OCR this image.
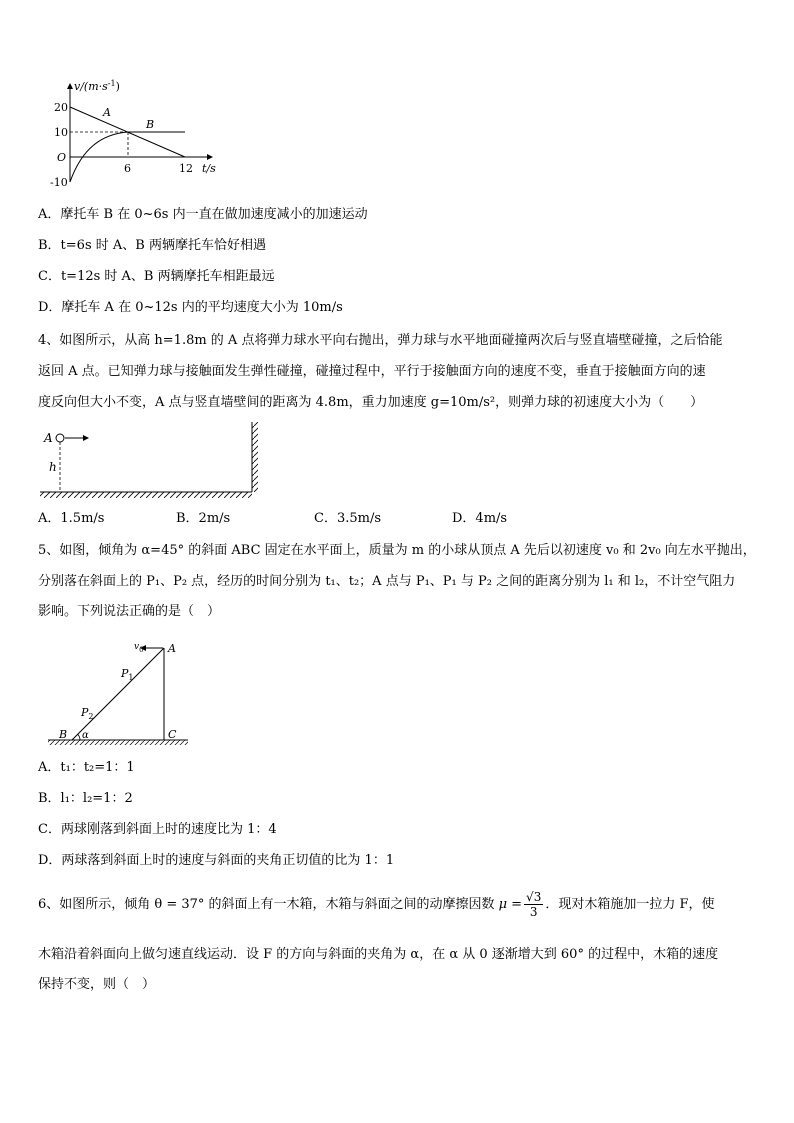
$v/(m\cdot s^{-1})$
20
10
O
-10
6	12 t/s
A
B
A．摩托车 B 在 0~6s 内一直在做加速度减小的加速运动
B．t=6s 时 A、B 两辆摩托车恰好相遇
C．t=12s 时 A、B 两辆摩托车相距最远
D．摩托车 A 在 0~12s 内的平均速度大小为 10m/s
4、如图所示，从高 h=1.8m 的 A 点将弹力球水平向右抛出，弹力球与水平地面碰撞两次后与竖直墙壁碰撞，之后恰能
返回 A 点。已知弹力球与接触面发生弹性碰撞，碰撞过程中，平行于接触面方向的速度不变，垂直于接触面方向的速
度反向但大小不变，A 点与竖直墙壁间的距离为 4.8m，重力加速度 g=10m/s²，则弹力球的初速度大小为（　　）
A
h
A．1.5m/s	B．2m/s	C．3.5m/s	D．4m/s
5、如图，倾角为 α=45° 的斜面 ABC 固定在水平面上，质量为 m 的小球从顶点 A 先后以初速度 v₀ 和 2v₀ 向左水平抛出，
分别落在斜面上的 P₁、P₂ 点，经历的时间分别为 t₁、t₂；A 点与 P₁、P₁ 与 P₂ 之间的距离分别为 l₁ 和 l₂，不计空气阻力
影响。下列说法正确的是（　）
$v_0$ A
$P_1$
$P_2$
B α	C
A．t₁：t₂=1：1
B．l₁：l₂=1：2
C．两球刚落到斜面上时的速度比为 1：4
D．两球落到斜面上时的速度与斜面的夹角正切值的比为 1：1
6、如图所示，倾角 θ = 37° 的斜面上有一木箱，木箱与斜面之间的动摩擦因数 $\mu = \frac{√3}{3}$ ．现对木箱施加一拉力 F，使
木箱沿着斜面向上做匀速直线运动．设 F 的方向与斜面的夹角为 α，在 α 从 0 逐渐增大到 60° 的过程中，木箱的速度
保持不变，则（　）
